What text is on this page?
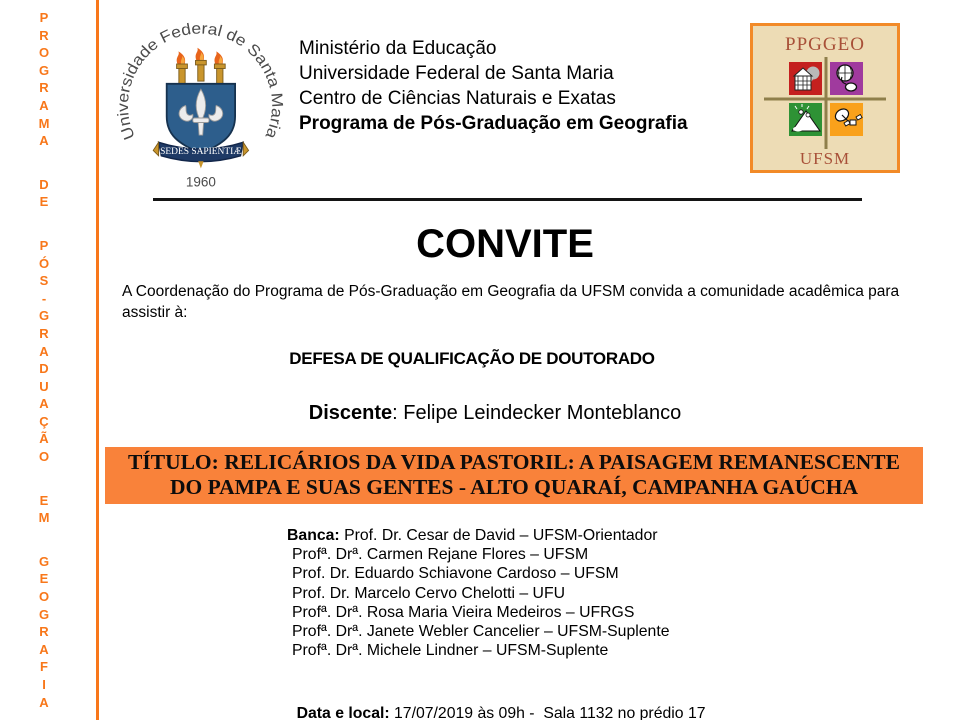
P
R
O
G
R
A
M
A
D
E
P
Ó
S
-
G
R
A
D
U
A
Ç
Ã
O
E
M
G
E
O
G
R
A
F
I
A
Universidade Federal de Santa Maria
SEDES SAPIENTIÆ
1960
Ministério da Educação
Universidade Federal de Santa Maria
Centro de Ciências Naturais e Exatas
Programa de Pós-Graduação em Geografia
PPGGEO
UFSM
CONVITE
A Coordenação do Programa de Pós-Graduação em Geografia da UFSM convida a comunidade acadêmica para assistir à:
DEFESA DE QUALIFICAÇÃO DE DOUTORADO
Discente: Felipe Leindecker Monteblanco
TÍTULO: RELICÁRIOS DA VIDA PASTORIL: A PAISAGEM REMANESCENTE
DO PAMPA E SUAS GENTES - ALTO QUARAÍ, CAMPANHA GAÚCHA
Banca: Prof. Dr. Cesar de David – UFSM-Orientador
Profª. Drª. Carmen Rejane Flores – UFSM
Prof. Dr. Eduardo Schiavone Cardoso – UFSM
Prof. Dr. Marcelo Cervo Chelotti – UFU
Profª. Drª. Rosa Maria Vieira Medeiros – UFRGS
Profª. Drª. Janete Webler Cancelier – UFSM-Suplente
Profª. Drª. Michele Lindner – UFSM-Suplente

Data e local: 17/07/2019 às 09h -  Sala 1132 no prédio 17
